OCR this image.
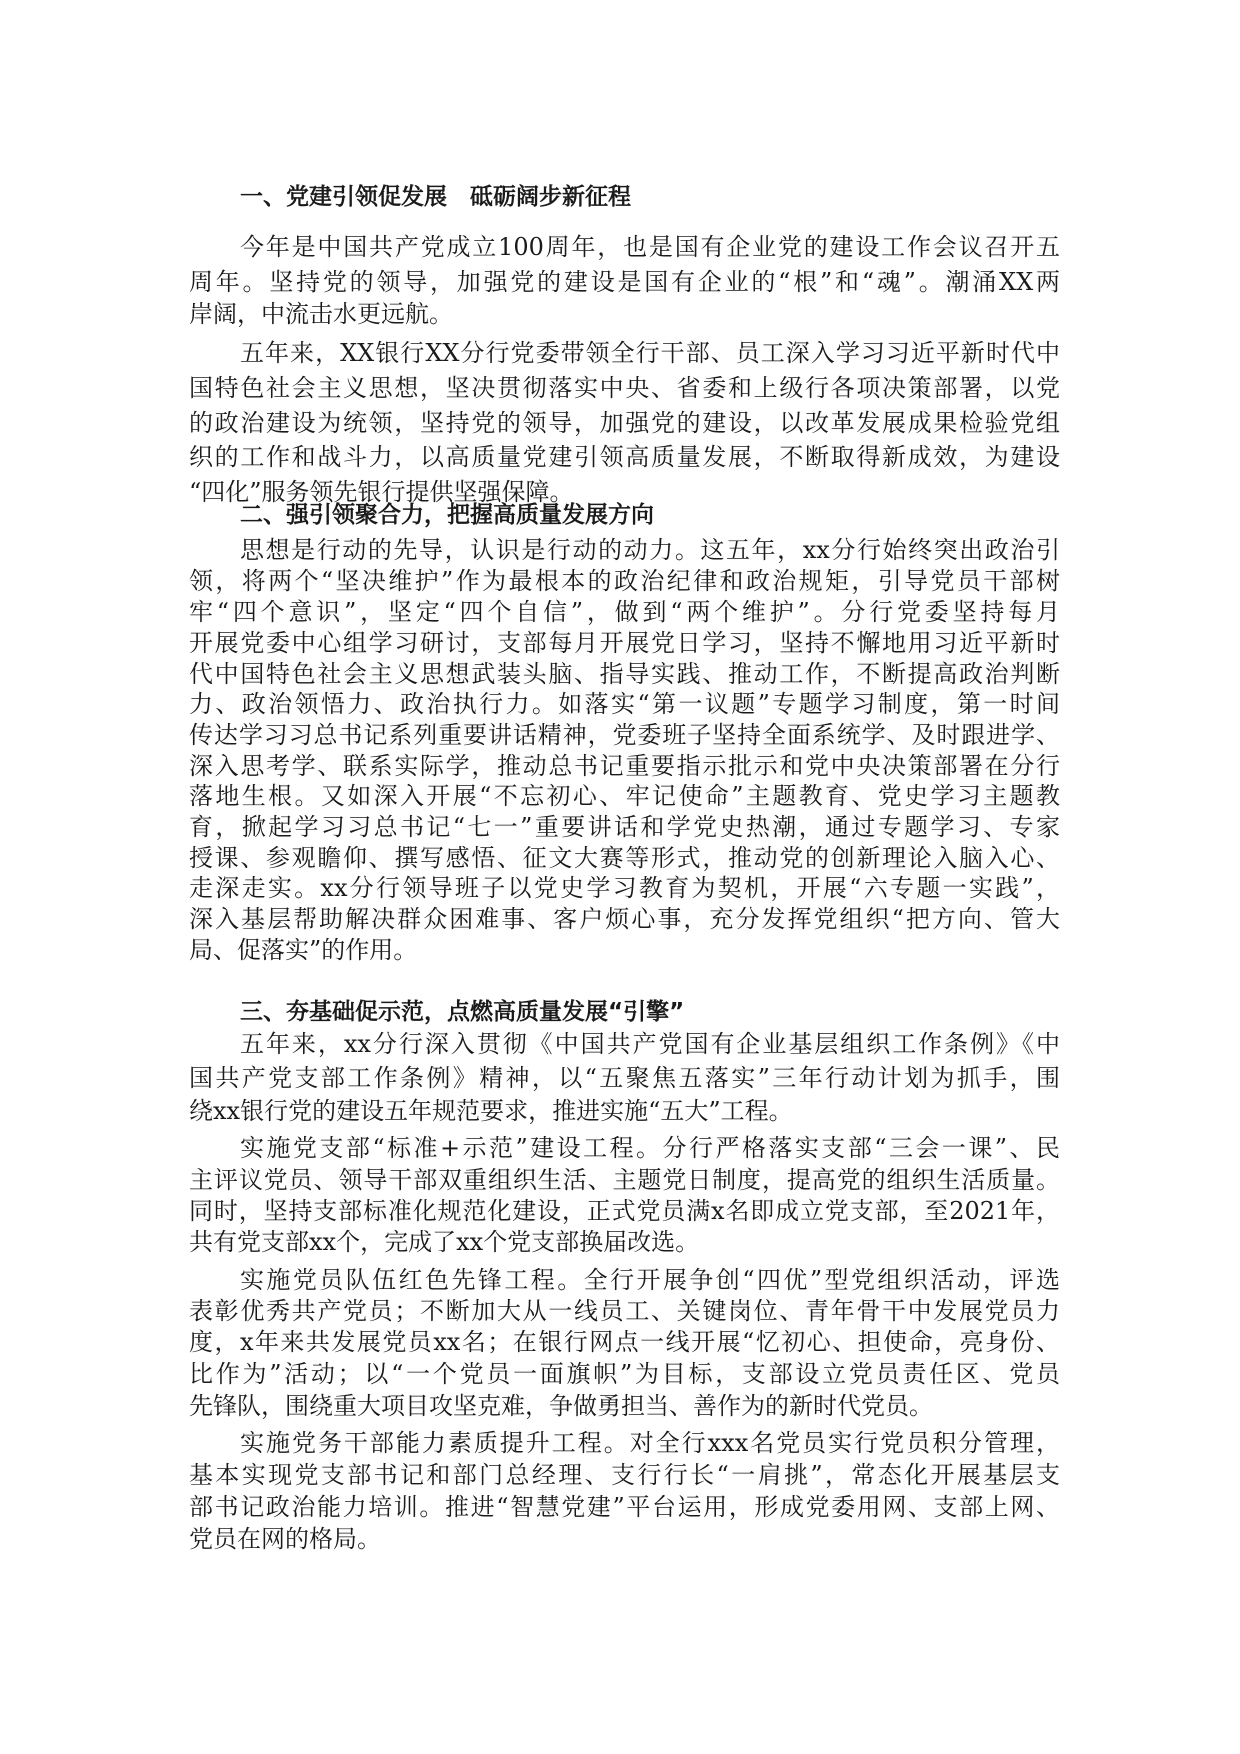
一、党建引领促发展　砥砺阔步新征程
今年是中国共产党成立100周年，也是国有企业党的建设工作会议召开五
周年。坚持党的领导，加强党的建设是国有企业的“根”和“魂”。潮涌XX两
岸阔，中流击水更远航。
五年来，XX银行XX分行党委带领全行干部、员工深入学习习近平新时代中
国特色社会主义思想，坚决贯彻落实中央、省委和上级行各项决策部署，以党
的政治建设为统领，坚持党的领导，加强党的建设，以改革发展成果检验党组
织的工作和战斗力，以高质量党建引领高质量发展，不断取得新成效，为建设
“四化”服务领先银行提供坚强保障。
二、强引领聚合力，把握高质量发展方向
思想是行动的先导，认识是行动的动力。这五年，xx分行始终突出政治引
领，将两个“坚决维护”作为最根本的政治纪律和政治规矩，引导党员干部树
牢“四个意识”，坚定“四个自信”，做到“两个维护”。分行党委坚持每月
开展党委中心组学习研讨，支部每月开展党日学习，坚持不懈地用习近平新时
代中国特色社会主义思想武装头脑、指导实践、推动工作，不断提高政治判断
力、政治领悟力、政治执行力。如落实“第一议题”专题学习制度，第一时间
传达学习习总书记系列重要讲话精神，党委班子坚持全面系统学、及时跟进学、
深入思考学、联系实际学，推动总书记重要指示批示和党中央决策部署在分行
落地生根。又如深入开展“不忘初心、牢记使命”主题教育、党史学习主题教
育，掀起学习习总书记“七一”重要讲话和学党史热潮，通过专题学习、专家
授课、参观瞻仰、撰写感悟、征文大赛等形式，推动党的创新理论入脑入心、
走深走实。xx分行领导班子以党史学习教育为契机，开展“六专题一实践”，
深入基层帮助解决群众困难事、客户烦心事，充分发挥党组织“把方向、管大
局、促落实”的作用。
三、夯基础促示范，点燃高质量发展“引擎”
五年来，xx分行深入贯彻《中国共产党国有企业基层组织工作条例》《中
国共产党支部工作条例》精神，以“五聚焦五落实”三年行动计划为抓手，围
绕xx银行党的建设五年规范要求，推进实施“五大”工程。
实施党支部“标准+示范”建设工程。分行严格落实支部“三会一课”、民
主评议党员、领导干部双重组织生活、主题党日制度，提高党的组织生活质量。
同时，坚持支部标准化规范化建设，正式党员满x名即成立党支部，至2021年，
共有党支部xx个，完成了xx个党支部换届改选。
实施党员队伍红色先锋工程。全行开展争创“四优”型党组织活动，评选
表彰优秀共产党员；不断加大从一线员工、关键岗位、青年骨干中发展党员力
度，x年来共发展党员xx名；在银行网点一线开展“忆初心、担使命，亮身份、
比作为”活动；以“一个党员一面旗帜”为目标，支部设立党员责任区、党员
先锋队，围绕重大项目攻坚克难，争做勇担当、善作为的新时代党员。
实施党务干部能力素质提升工程。对全行xxx名党员实行党员积分管理，
基本实现党支部书记和部门总经理、支行行长“一肩挑”，常态化开展基层支
部书记政治能力培训。推进“智慧党建”平台运用，形成党委用网、支部上网、
党员在网的格局。
